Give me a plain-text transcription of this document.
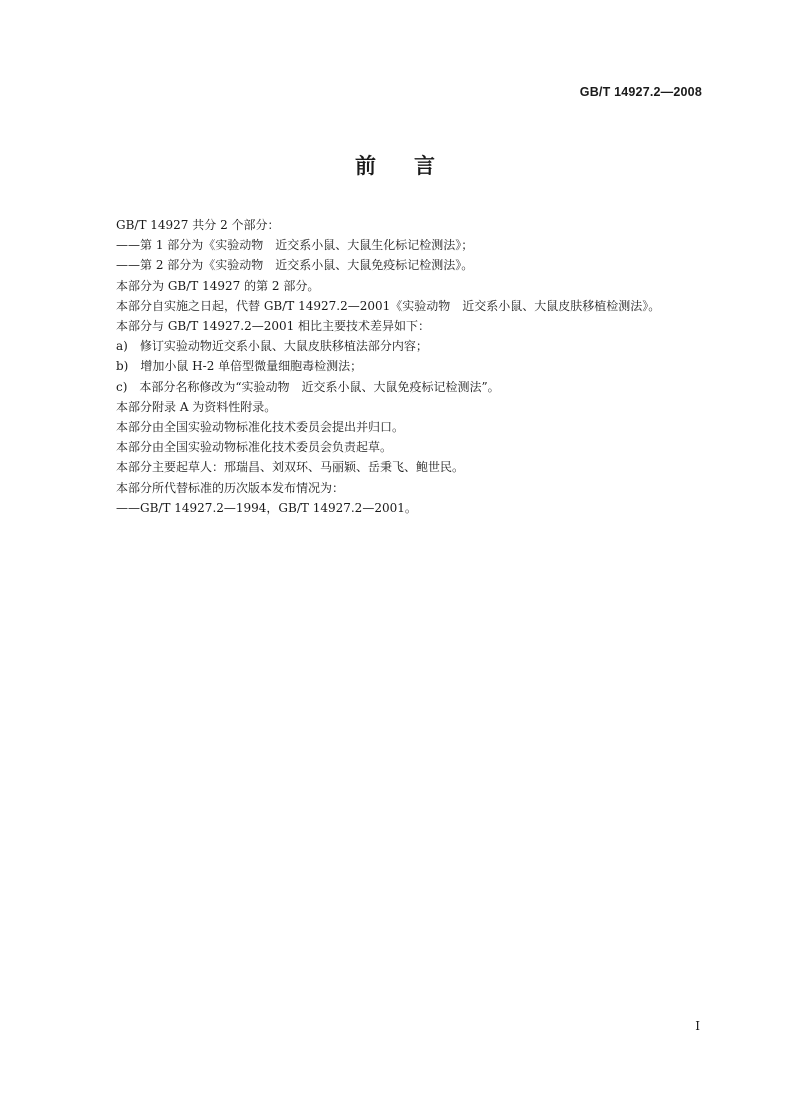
GB/T 14927.2—2008
前 言

GB/T 14927 共分 2 个部分：

——第 1 部分为《实验动物　近交系小鼠、大鼠生化标记检测法》；

——第 2 部分为《实验动物　近交系小鼠、大鼠免疫标记检测法》。

本部分为 GB/T 14927 的第 2 部分。

本部分自实施之日起，代替 GB/T 14927.2—2001《实验动物　近交系小鼠、大鼠皮肤移植检测法》。

本部分与 GB/T 14927.2—2001 相比主要技术差异如下：

a)　修订实验动物近交系小鼠、大鼠皮肤移植法部分内容；

b)　增加小鼠 H-2 单倍型微量细胞毒检测法；

c)　本部分名称修改为“实验动物　近交系小鼠、大鼠免疫标记检测法”。

本部分附录 A 为资料性附录。

本部分由全国实验动物标准化技术委员会提出并归口。

本部分由全国实验动物标准化技术委员会负责起草。

本部分主要起草人：邢瑞昌、刘双环、马丽颖、岳秉飞、鲍世民。

本部分所代替标准的历次版本发布情况为：

——GB/T 14927.2—1994，GB/T 14927.2—2001。

I
